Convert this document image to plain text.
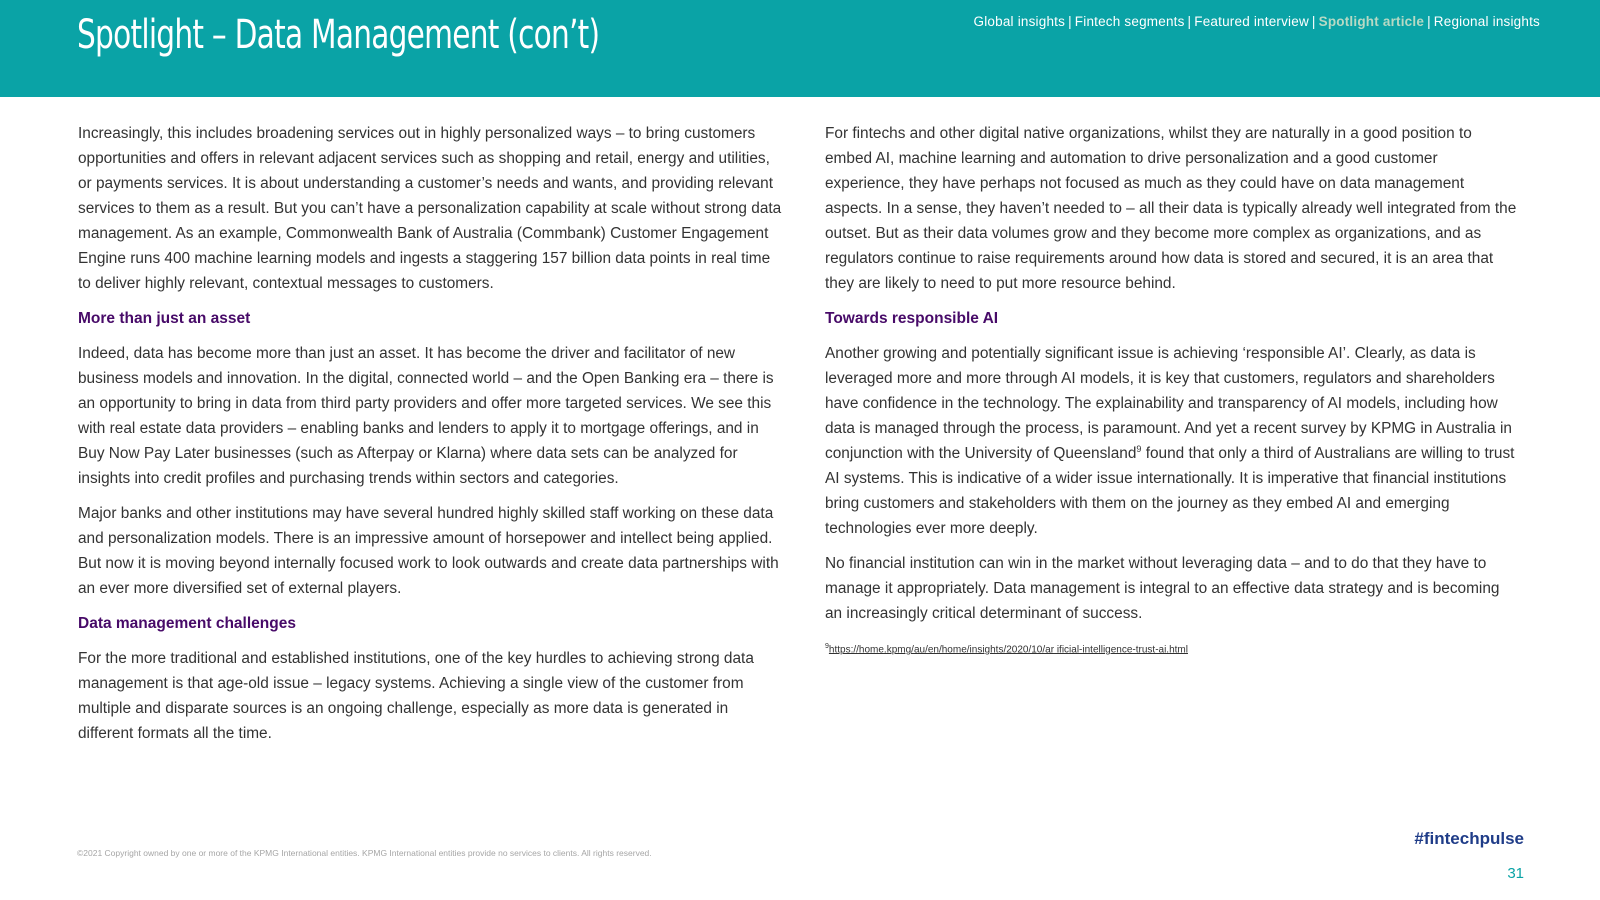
Spotlight – Data Management (con’t)	Global insights | Fintech segments | Featured interview | Spotlight article | Regional insights

Increasingly, this includes broadening services out in highly personalized ways – to bring customers opportunities and offers in relevant adjacent services such as shopping and retail, energy and utilities, or payments services. It is about understanding a customer’s needs and wants, and providing relevant services to them as a result. But you can’t have a personalization capability at scale without strong data management. As an example, Commonwealth Bank of Australia (Commbank) Customer Engagement Engine runs 400 machine learning models and ingests a staggering 157 billion data points in real time to deliver highly relevant, contextual messages to customers.

More than just an asset

Indeed, data has become more than just an asset. It has become the driver and facilitator of new business models and innovation. In the digital, connected world – and the Open Banking era – there is an opportunity to bring in data from third party providers and offer more targeted services. We see this with real estate data providers – enabling banks and lenders to apply it to mortgage offerings, and in Buy Now Pay Later businesses (such as Afterpay or Klarna) where data sets can be analyzed for insights into credit profiles and purchasing trends within sectors and categories.

Major banks and other institutions may have several hundred highly skilled staff working on these data and personalization models. There is an impressive amount of horsepower and intellect being applied. But now it is moving beyond internally focused work to look outwards and create data partnerships with an ever more diversified set of external players.

Data management challenges

For the more traditional and established institutions, one of the key hurdles to achieving strong data management is that age-old issue – legacy systems. Achieving a single view of the customer from multiple and disparate sources is an ongoing challenge, especially as more data is generated in different formats all the time.

For fintechs and other digital native organizations, whilst they are naturally in a good position to embed AI, machine learning and automation to drive personalization and a good customer experience, they have perhaps not focused as much as they could have on data management aspects. In a sense, they haven’t needed to – all their data is typically already well integrated from the outset. But as their data volumes grow and they become more complex as organizations, and as regulators continue to raise requirements around how data is stored and secured, it is an area that they are likely to need to put more resource behind.

Towards responsible AI

Another growing and potentially significant issue is achieving ‘responsible AI’. Clearly, as data is leveraged more and more through AI models, it is key that customers, regulators and shareholders have confidence in the technology. The explainability and transparency of AI models, including how data is managed through the process, is paramount. And yet a recent survey by KPMG in Australia in conjunction with the University of Queensland$^9$ found that only a third of Australians are willing to trust AI systems. This is indicative of a wider issue internationally. It is imperative that financial institutions bring customers and stakeholders with them on the journey as they embed AI and emerging technologies ever more deeply.

No financial institution can win in the market without leveraging data – and to do that they have to manage it appropriately. Data management is integral to an effective data strategy and is becoming an increasingly critical determinant of success.

$^9$https://home.kpmg/au/en/home/insights/2020/10/ar ificial-intelligence-trust-ai.html
©2021 Copyright owned by one or more of the KPMG International entities. KPMG International entities provide no services to clients. All rights reserved.
#fintechpulse
31
